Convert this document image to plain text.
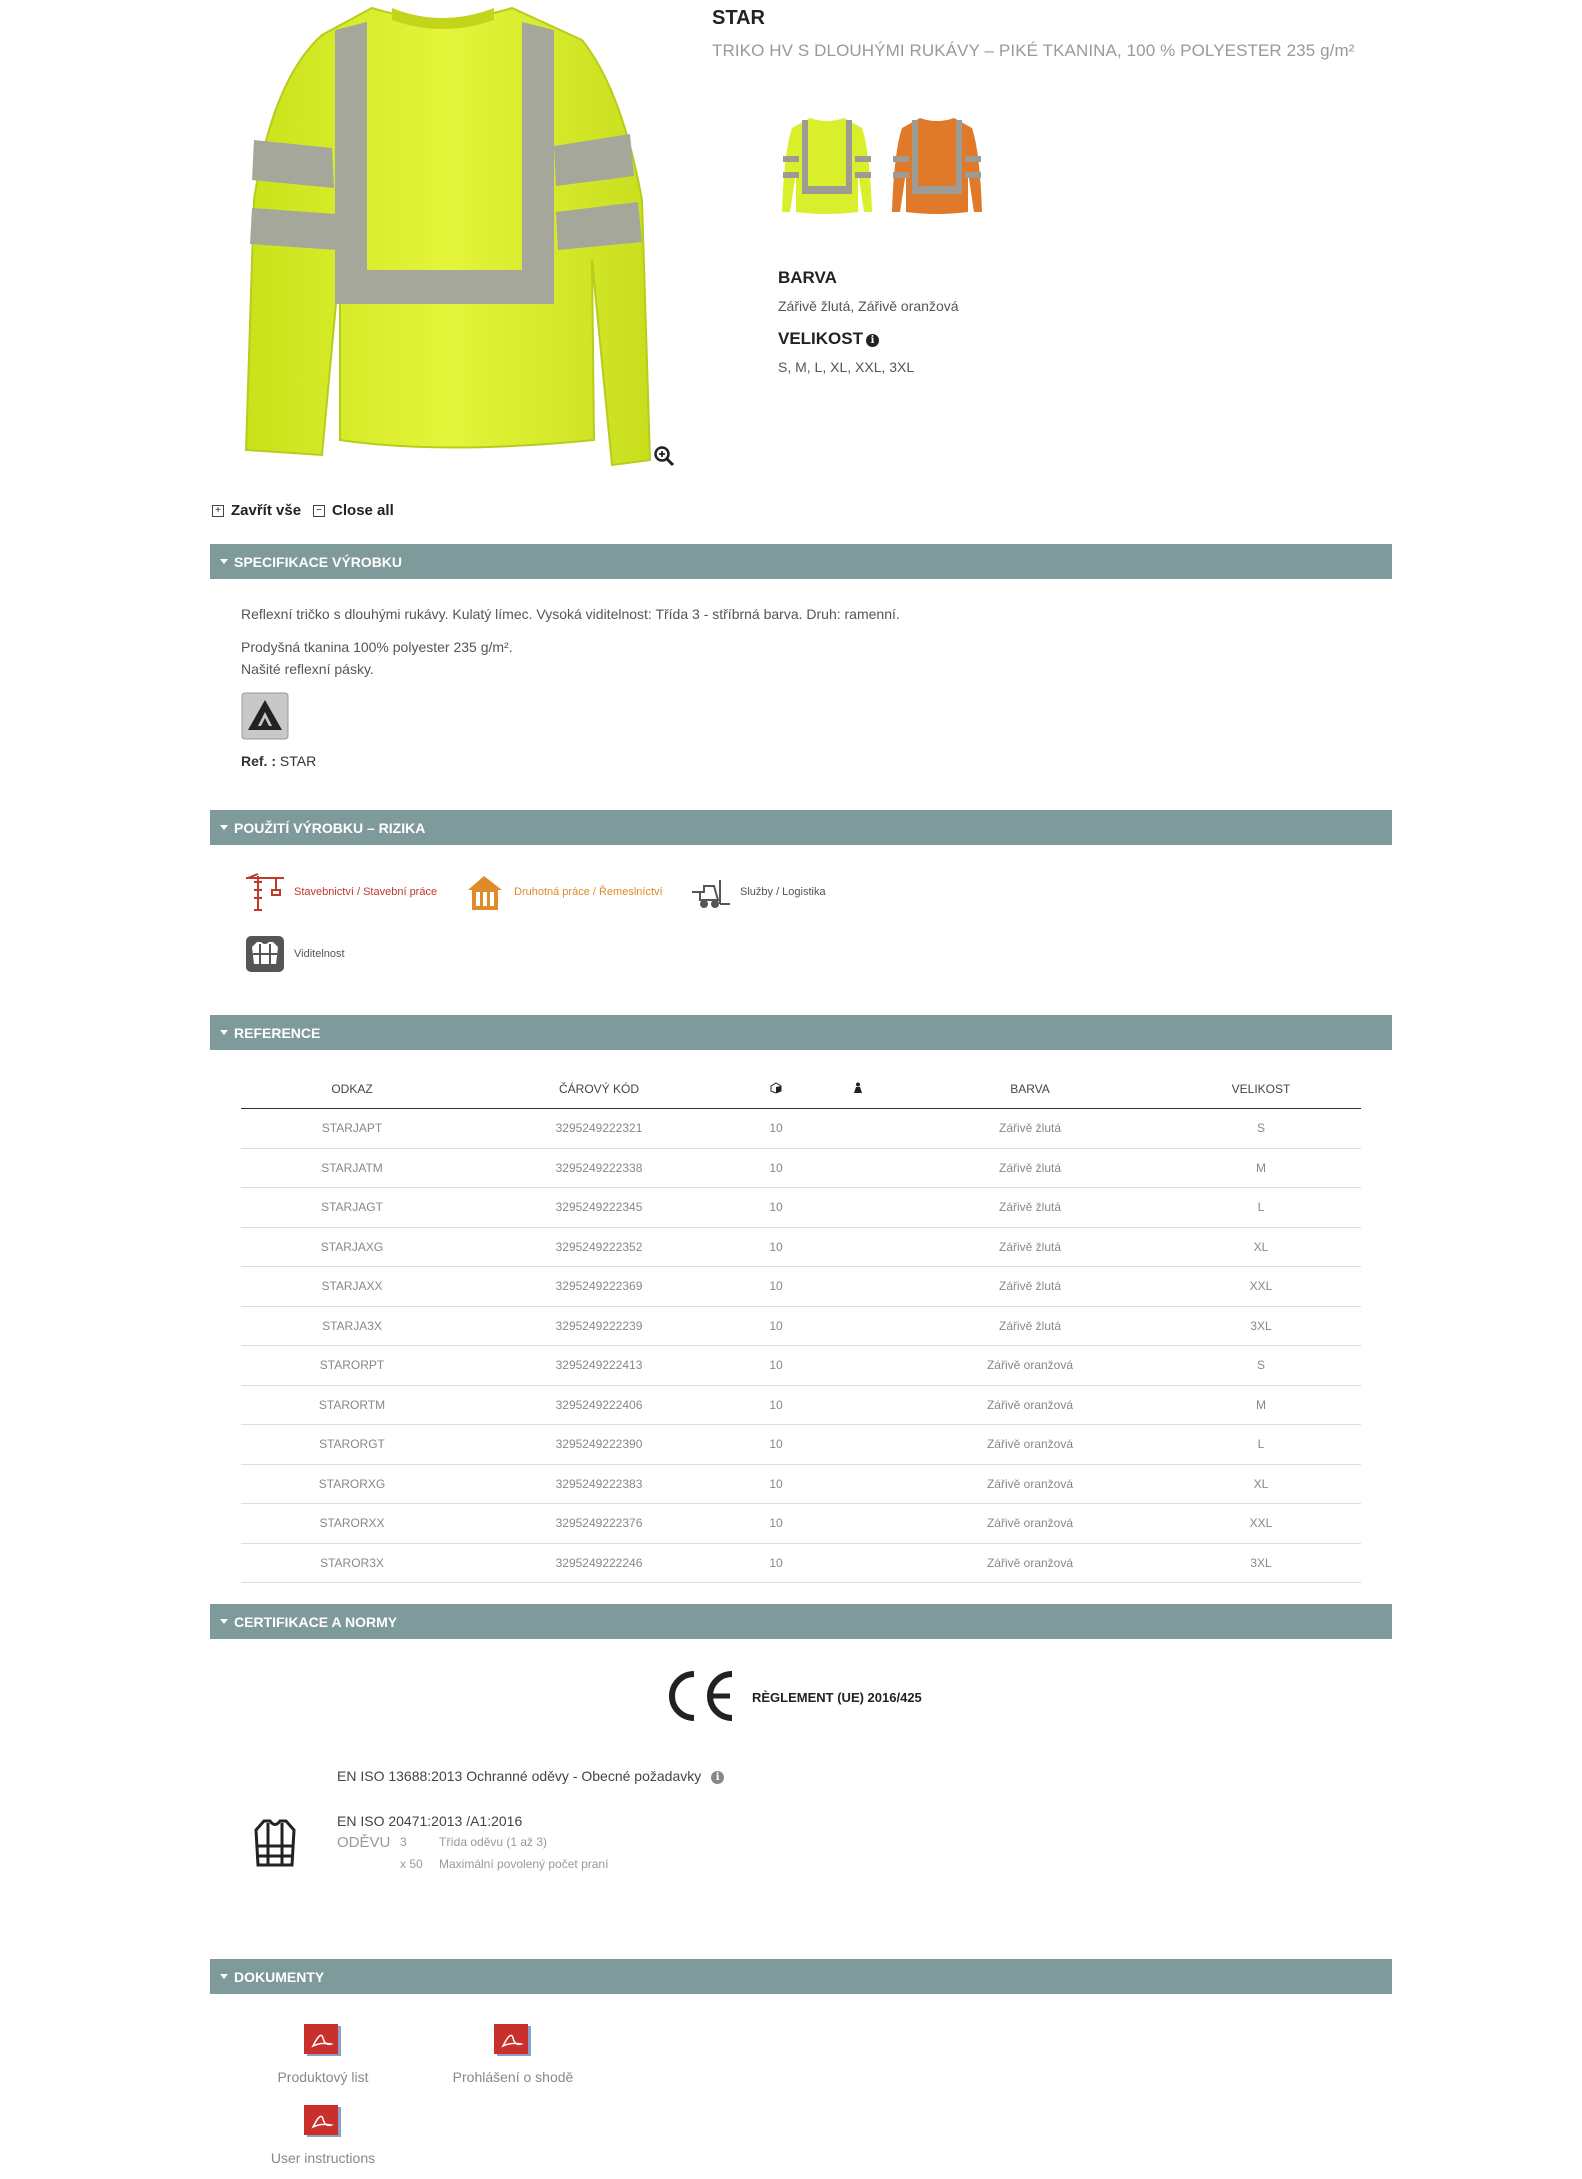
STAR
TRIKO HV S DLOUHÝMI RUKÁVY – PIKÉ TKANINA, 100 % POLYESTER 235 g/m²
BARVA
Zářivě žlutá, Zářivě oranžová
VELIKOST i
S, M, L, XL, XXL, 3XL
+ Zavřít vše	− Close all
SPECIFIKACE VÝROBKU
Reflexní tričko s dlouhými rukávy. Kulatý límec. Vysoká viditelnost: Třída 3 - stříbrná barva. Druh: ramenní.
Prodyšná tkanina 100% polyester 235 g/m².
Našité reflexní pásky.
Ref. : STAR
POUŽITÍ VÝROBKU – RIZIKA
Stavebnictví / Stavební práce	Druhotná práce / Řemeslníctví	Služby / Logistika
Viditelnost
REFERENCE
ODKAZ	ČÁROVÝ KÓD			BARVA	VELIKOST
STARJAPT	3295249222321	10		Zářivě žlutá	S
STARJATM	3295249222338	10		Zářivě žlutá	M
STARJAGT	3295249222345	10		Zářivě žlutá	L
STARJAXG	3295249222352	10		Zářivě žlutá	XL
STARJAXX	3295249222369	10		Zářivě žlutá	XXL
STARJA3X	3295249222239	10		Zářivě žlutá	3XL
STARORPT	3295249222413	10		Zářivě oranžová	S
STARORTM	3295249222406	10		Zářivě oranžová	M
STARORGT	3295249222390	10		Zářivě oranžová	L
STARORXG	3295249222383	10		Zářivě oranžová	XL
STARORXX	3295249222376	10		Zářivě oranžová	XXL
STAROR3X	3295249222246	10		Zářivě oranžová	3XL
CERTIFIKACE A NORMY
RÈGLEMENT (UE) 2016/425
EN ISO 13688:2013 Ochranné oděvy - Obecné požadavky i
EN ISO 20471:2013 /A1:2016
ODĚVU 3	Třída oděvu (1 až 3)
x 50 Maximální povolený počet praní
DOKUMENTY
Produktový list	Prohlášení o shodě
User instructions
